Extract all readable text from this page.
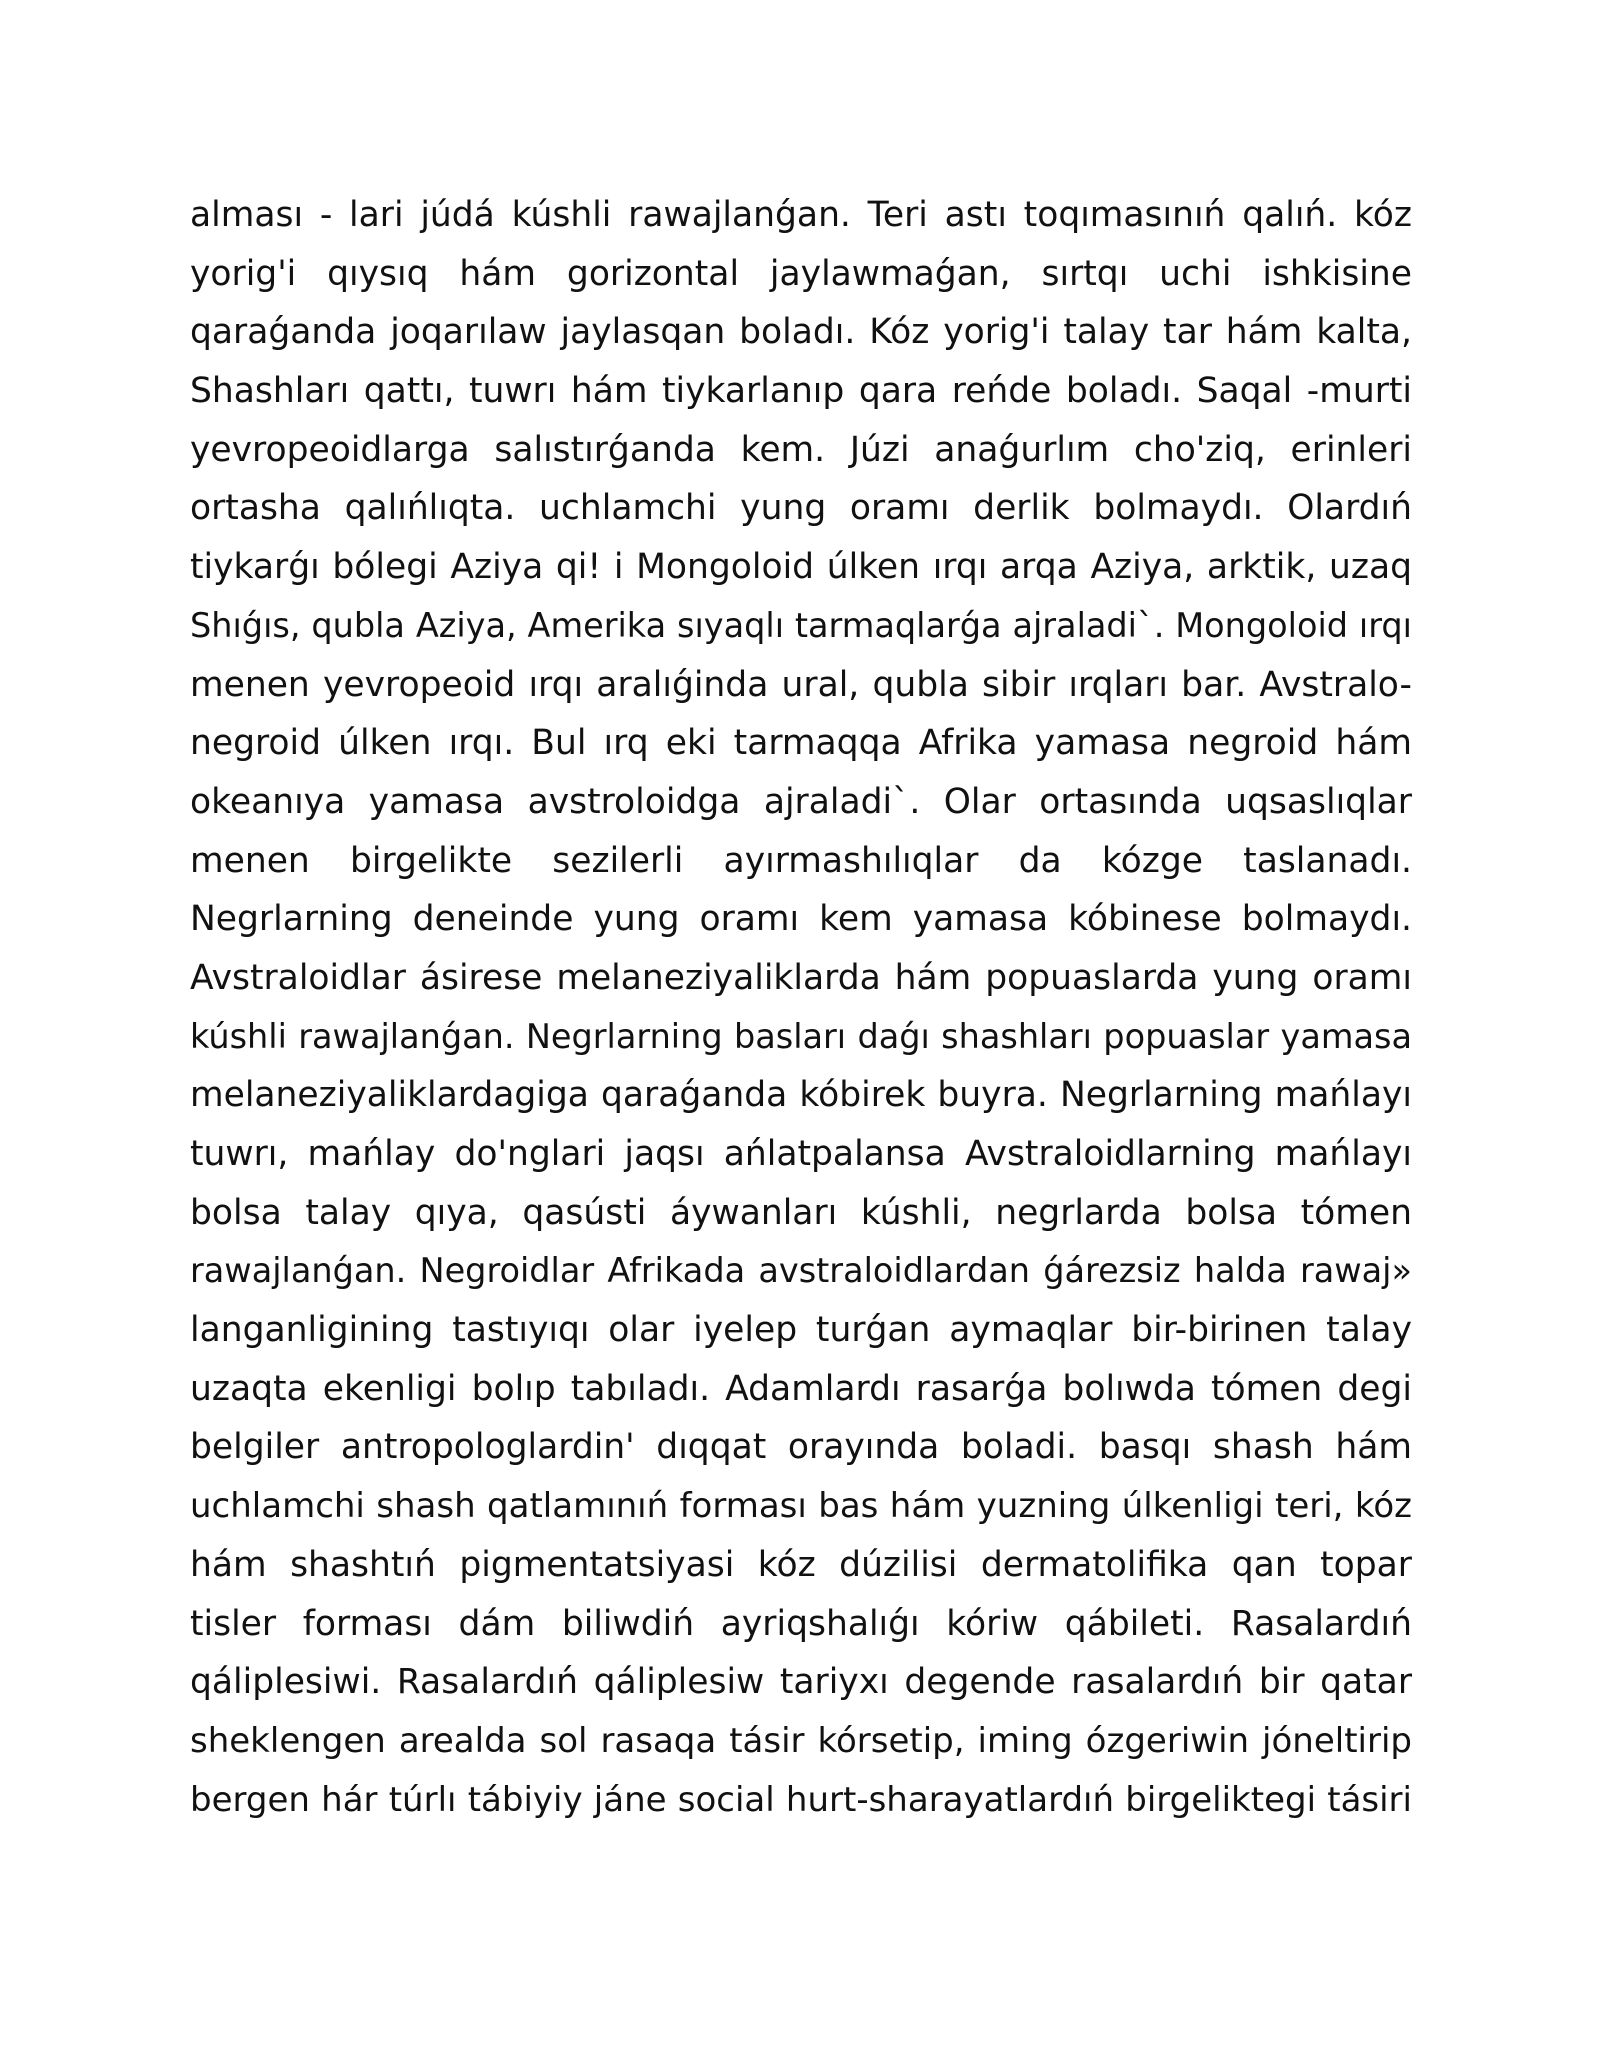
alması - lari júdá kúshli rawajlanǵan. Teri astı toqımasınıń qalıń. kóz
yorig'i qıysıq hám gorizontal jaylawmaǵan, sırtqı uchi ishkisine
qaraǵanda joqarılaw jaylasqan boladı. Kóz yorig'i talay tar hám kalta,
Shashları qattı, tuwrı hám tiykarlanıp qara reńde boladı. Saqal -murti
yevropeoidlarga salıstırǵanda kem. Júzi anaǵurlım cho'ziq, erinleri
ortasha qalıńlıqta. uchlamchi yung oramı derlik bolmaydı. Olardıń
tiykarǵı bólegi Aziya qi! i Mongoloid úlken ırqı arqa Aziya, arktik, uzaq
Shıǵıs, qubla Aziya, Amerika sıyaqlı tarmaqlarǵa ajraladi`. Mongoloid ırqı
menen yevropeoid ırqı aralıǵinda ural, qubla sibir ırqları bar. Avstralo-
negroid úlken ırqı. Bul ırq eki tarmaqqa Afrika yamasa negroid hám
okeanıya yamasa avstroloidga ajraladi`. Olar ortasında uqsaslıqlar
menen birgelikte sezilerli ayırmashılıqlar da kózge taslanadı.
Negrlarning deneinde yung oramı kem yamasa kóbinese bolmaydı.
Avstraloidlar ásirese melaneziyaliklarda hám popuaslarda yung oramı
kúshli rawajlanǵan. Negrlarning basları daǵı shashları popuaslar yamasa
melaneziyaliklardagiga qaraǵanda kóbirek buyra. Negrlarning mańlayı
tuwrı, mańlay do'nglari jaqsı ańlatpalansa Avstraloidlarning mańlayı
bolsa talay qıya, qasústi áywanları kúshli, negrlarda bolsa tómen
rawajlanǵan. Negroidlar Afrikada avstraloidlardan ǵárezsiz halda rawaj»
langanligining tastıyıqı olar iyelep turǵan aymaqlar bir-birinen talay
uzaqta ekenligi bolıp tabıladı. Adamlardı rasarǵa bolıwda tómen degi
belgiler antropologlardin' dıqqat orayında boladi. basqı shash hám
uchlamchi shash qatlamınıń forması bas hám yuzning úlkenligi teri, kóz
hám shashtıń pigmentatsiyasi kóz dúzilisi dermatolifika qan topar
tisler forması dám biliwdiń ayriqshalıǵı kóriw qábileti. Rasalardıń
qáliplesiwi. Rasalardıń qáliplesiw tariyxı degende rasalardıń bir qatar
sheklengen arealda sol rasaqa tásir kórsetip, iming ózgeriwin jóneltirip
bergen hár túrlı tábiyiy jáne social hurt-sharayatlardıń birgeliktegi tásiri
